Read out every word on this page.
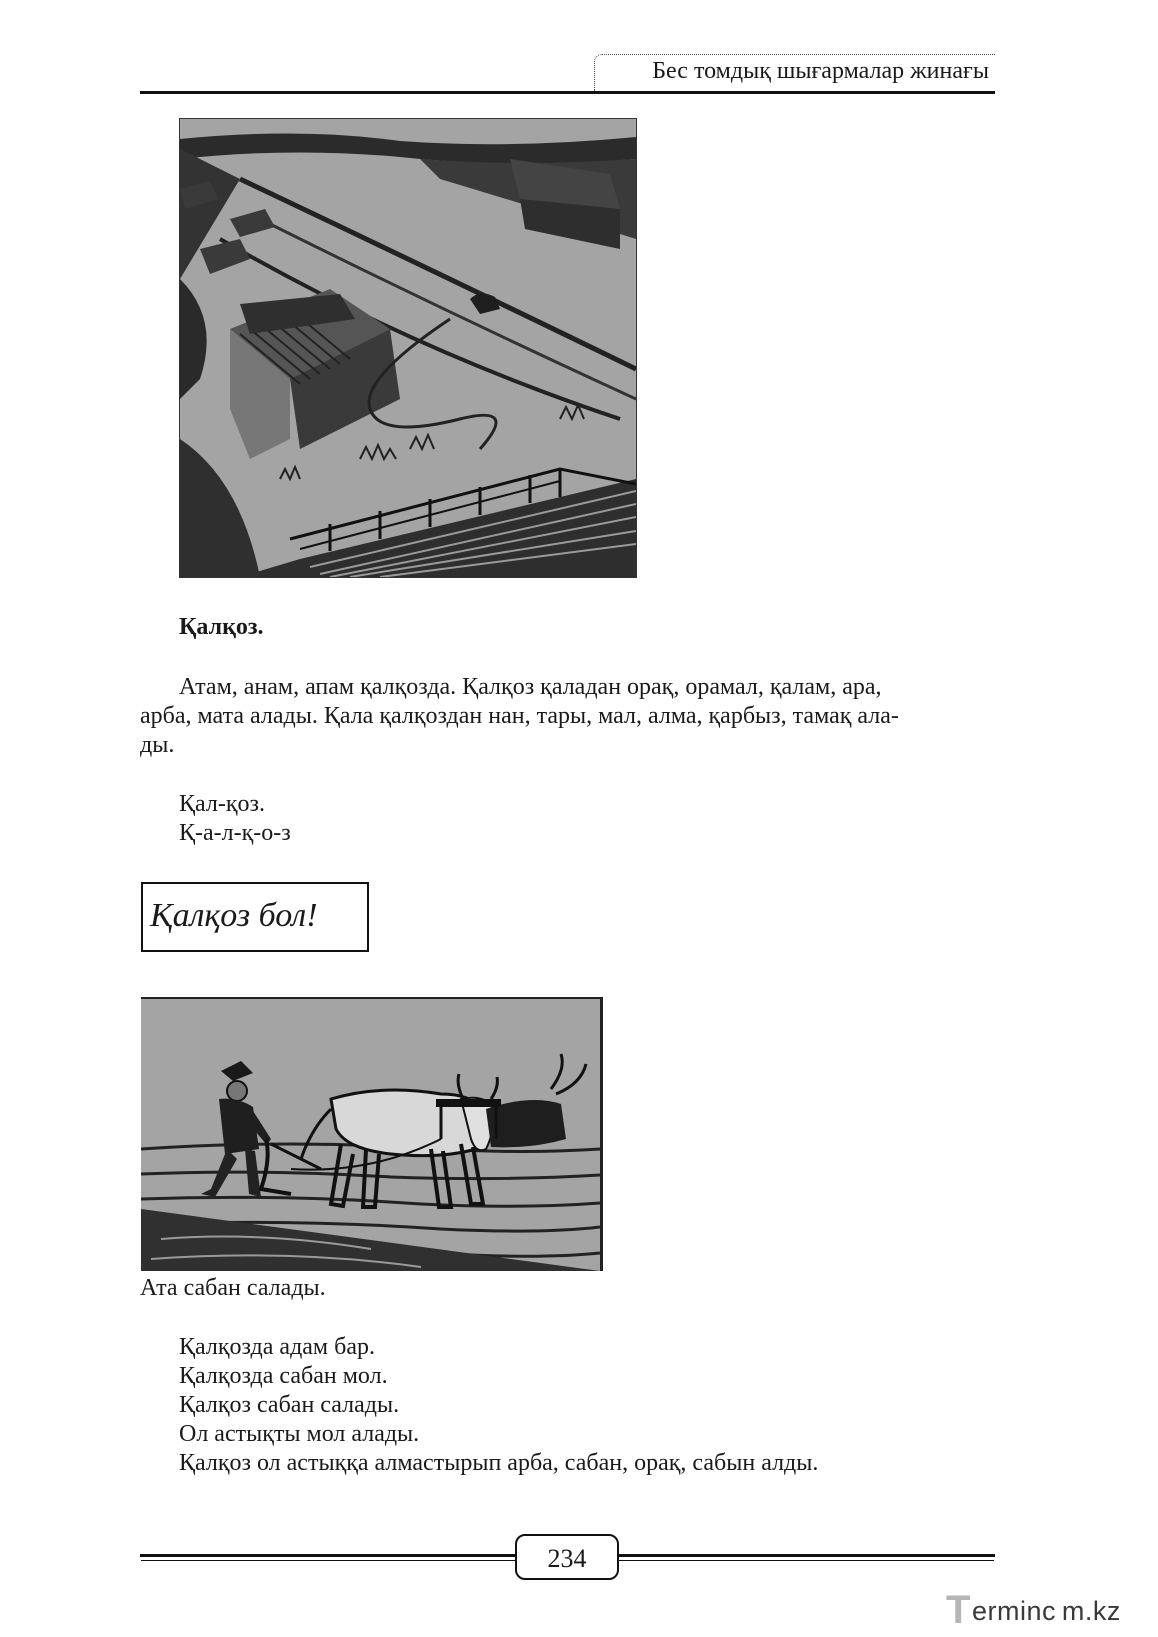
Бес томдық шығармалар жинағы
Қалқоз.
Атам, анам, апам қалқозда. Қалқоз қаладан орақ, орамал, қалам, ара,
арба, мата алады. Қала қалқоздан нан, тары, мал, алма, қарбыз, тамақ ала-
ды.
Қал-қоз.
Қ-а-л-қ-о-з
Қалқоз бол!
Ата сабан салады.
Қалқозда адам бар.
Қалқозда сабан мол.
Қалқоз сабан салады.
Ол астықты мол алады.
Қалқоз ол астыққа алмастырып арба, сабан, орақ, сабын алды.
234
T erminc m.kz
